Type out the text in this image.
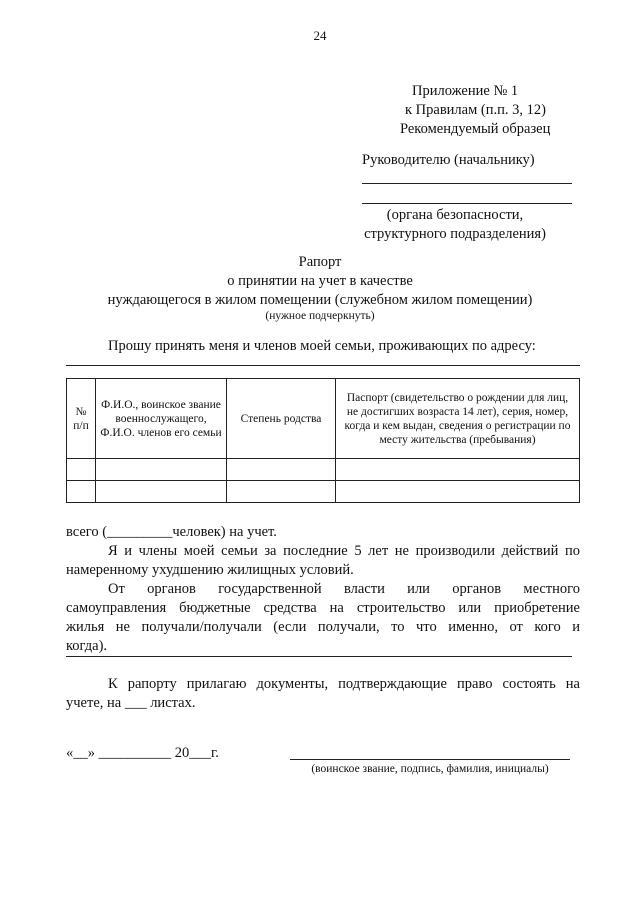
24
Приложение № 1
к Правилам (п.п. 3, 12)
Рекомендуемый образец
Руководителю (начальнику)
(органа безопасности,
структурного подразделения)
Рапорт
о принятии на учет в качестве
нуждающегося в жилом помещении (служебном жилом помещении)
(нужное подчеркнуть)
Прошу принять меня и членов моей семьи, проживающих по адресу:
№ п/п	Ф.И.О., воинское звание военнослужащего, Ф.И.О. членов его семьи	Степень родства	Паспорт (свидетельство о рождении для лиц, не достигших возраста 14 лет), серия, номер, когда и кем выдан, сведения о регистрации по месту жительства (пребывания)

всего (_________человек) на учет.
Я и члены моей семьи за последние 5 лет не производили действий по
намеренному ухудшению жилищных условий.
От органов государственной власти или органов местного
самоуправления бюджетные средства на строительство или приобретение
жилья не получали/получали (если получали, то что именно, от кого и
когда).
К рапорту прилагаю документы, подтверждающие право состоять на
учете, на ___ листах.
«__» __________ 20___г.
(воинское звание, подпись, фамилия, инициалы)
